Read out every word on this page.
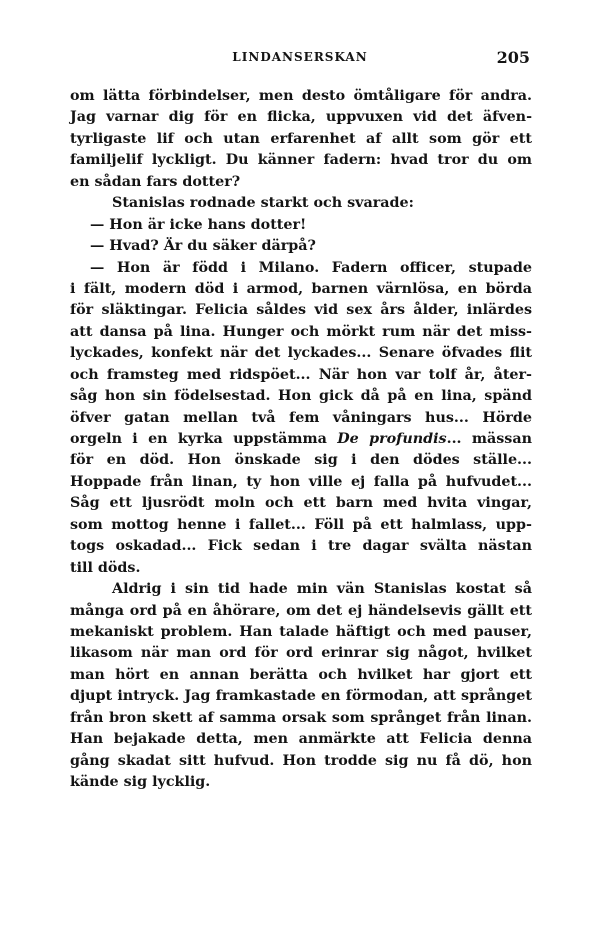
LINDANSERSKAN	205
om lätta förbindelser, men desto ömtåligare för andra.
Jag varnar dig för en flicka, uppvuxen vid det äfven-
tyrligaste lif och utan erfarenhet af allt som gör ett
familjelif lyckligt. Du känner fadern: hvad tror du om
en sådan fars dotter?
Stanislas rodnade starkt och svarade:
— Hon är icke hans dotter!
— Hvad? Är du säker därpå?
— Hon är född i Milano. Fadern officer, stupade
i fält, modern död i armod, barnen värnlösa, en börda
för släktingar. Felicia såldes vid sex års ålder, inlärdes
att dansa på lina. Hunger och mörkt rum när det miss-
lyckades, konfekt när det lyckades... Senare öfvades flit
och framsteg med ridspöet... När hon var tolf år, åter-
såg hon sin födelsestad. Hon gick då på en lina, spänd
öfver gatan mellan två fem våningars hus... Hörde
orgeln i en kyrka uppstämma De profundis... mässan
för en död. Hon önskade sig i den dödes ställe...
Hoppade från linan, ty hon ville ej falla på hufvudet...
Såg ett ljusrödt moln och ett barn med hvita vingar,
som mottog henne i fallet... Föll på ett halmlass, upp-
togs oskadad... Fick sedan i tre dagar svälta nästan
till döds.
Aldrig i sin tid hade min vän Stanislas kostat så
många ord på en åhörare, om det ej händelsevis gällt ett
mekaniskt problem. Han talade häftigt och med pauser,
likasom när man ord för ord erinrar sig något, hvilket
man hört en annan berätta och hvilket har gjort ett
djupt intryck. Jag framkastade en förmodan, att språnget
från bron skett af samma orsak som språnget från linan.
Han bejakade detta, men anmärkte att Felicia denna
gång skadat sitt hufvud. Hon trodde sig nu få dö, hon
kände sig lycklig.
